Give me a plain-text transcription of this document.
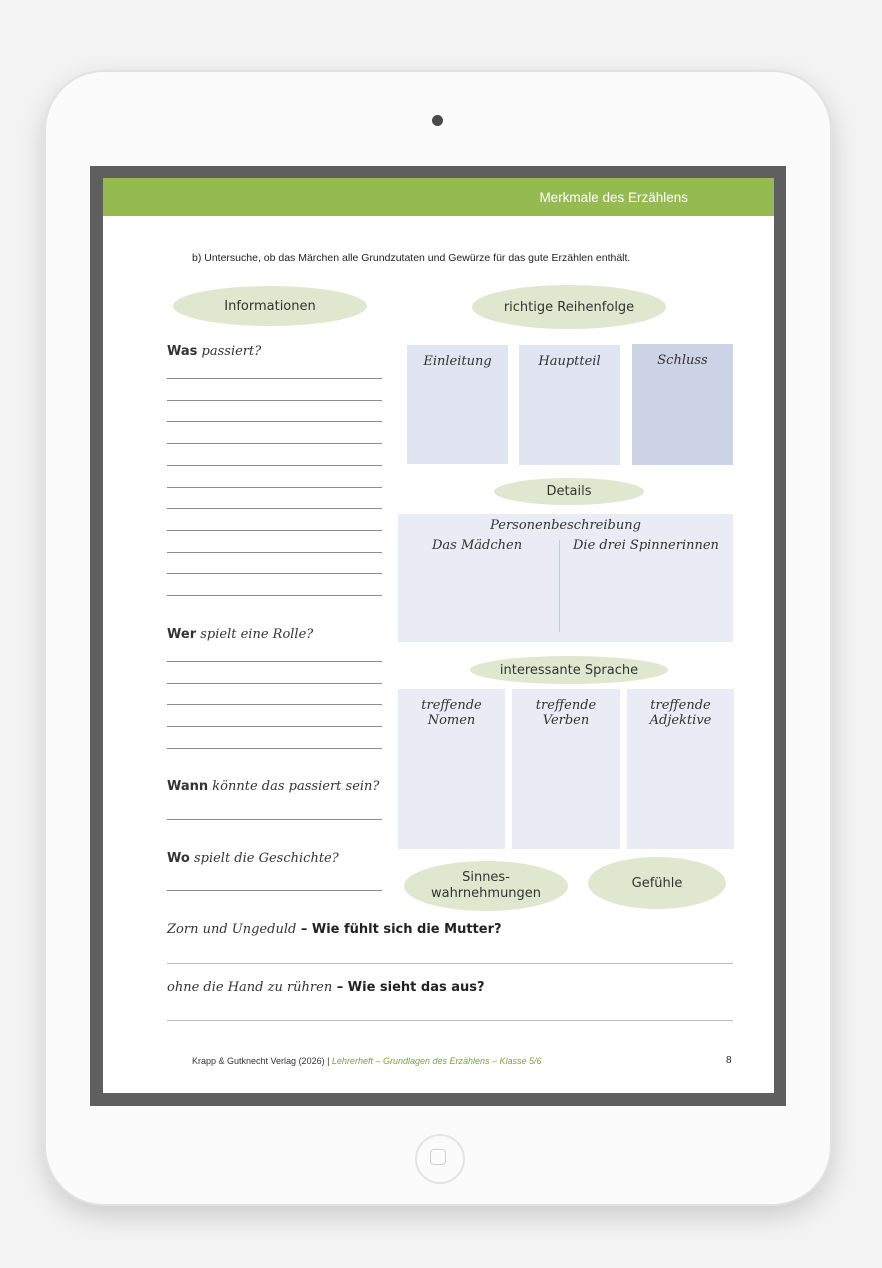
Merkmale des Erzählens
b) Untersuche, ob das Märchen alle Grundzutaten und Gewürze für das gute Erzählen enthält.
Informationen
Was passiert?
Wer spielt eine Rolle?
Wann könnte das passiert sein?
Wo spielt die Geschichte?
richtige Reihenfolge
Einleitung	Hauptteil	Schluss
Details
Personenbeschreibung
Das Mädchen	Die drei Spinnerinnen
interessante Sprache
treffende
Nomen
treffende
Verben
treffende
Adjektive
Sinnes-
wahrnehmungen
Gefühle
Zorn und Ungeduld – Wie fühlt sich die Mutter?
ohne die Hand zu rühren – Wie sieht das aus?
Krapp & Gutknecht Verlag (2026) | Lehrerheft – Grundlagen des Erzählens – Klasse 5/6	8
